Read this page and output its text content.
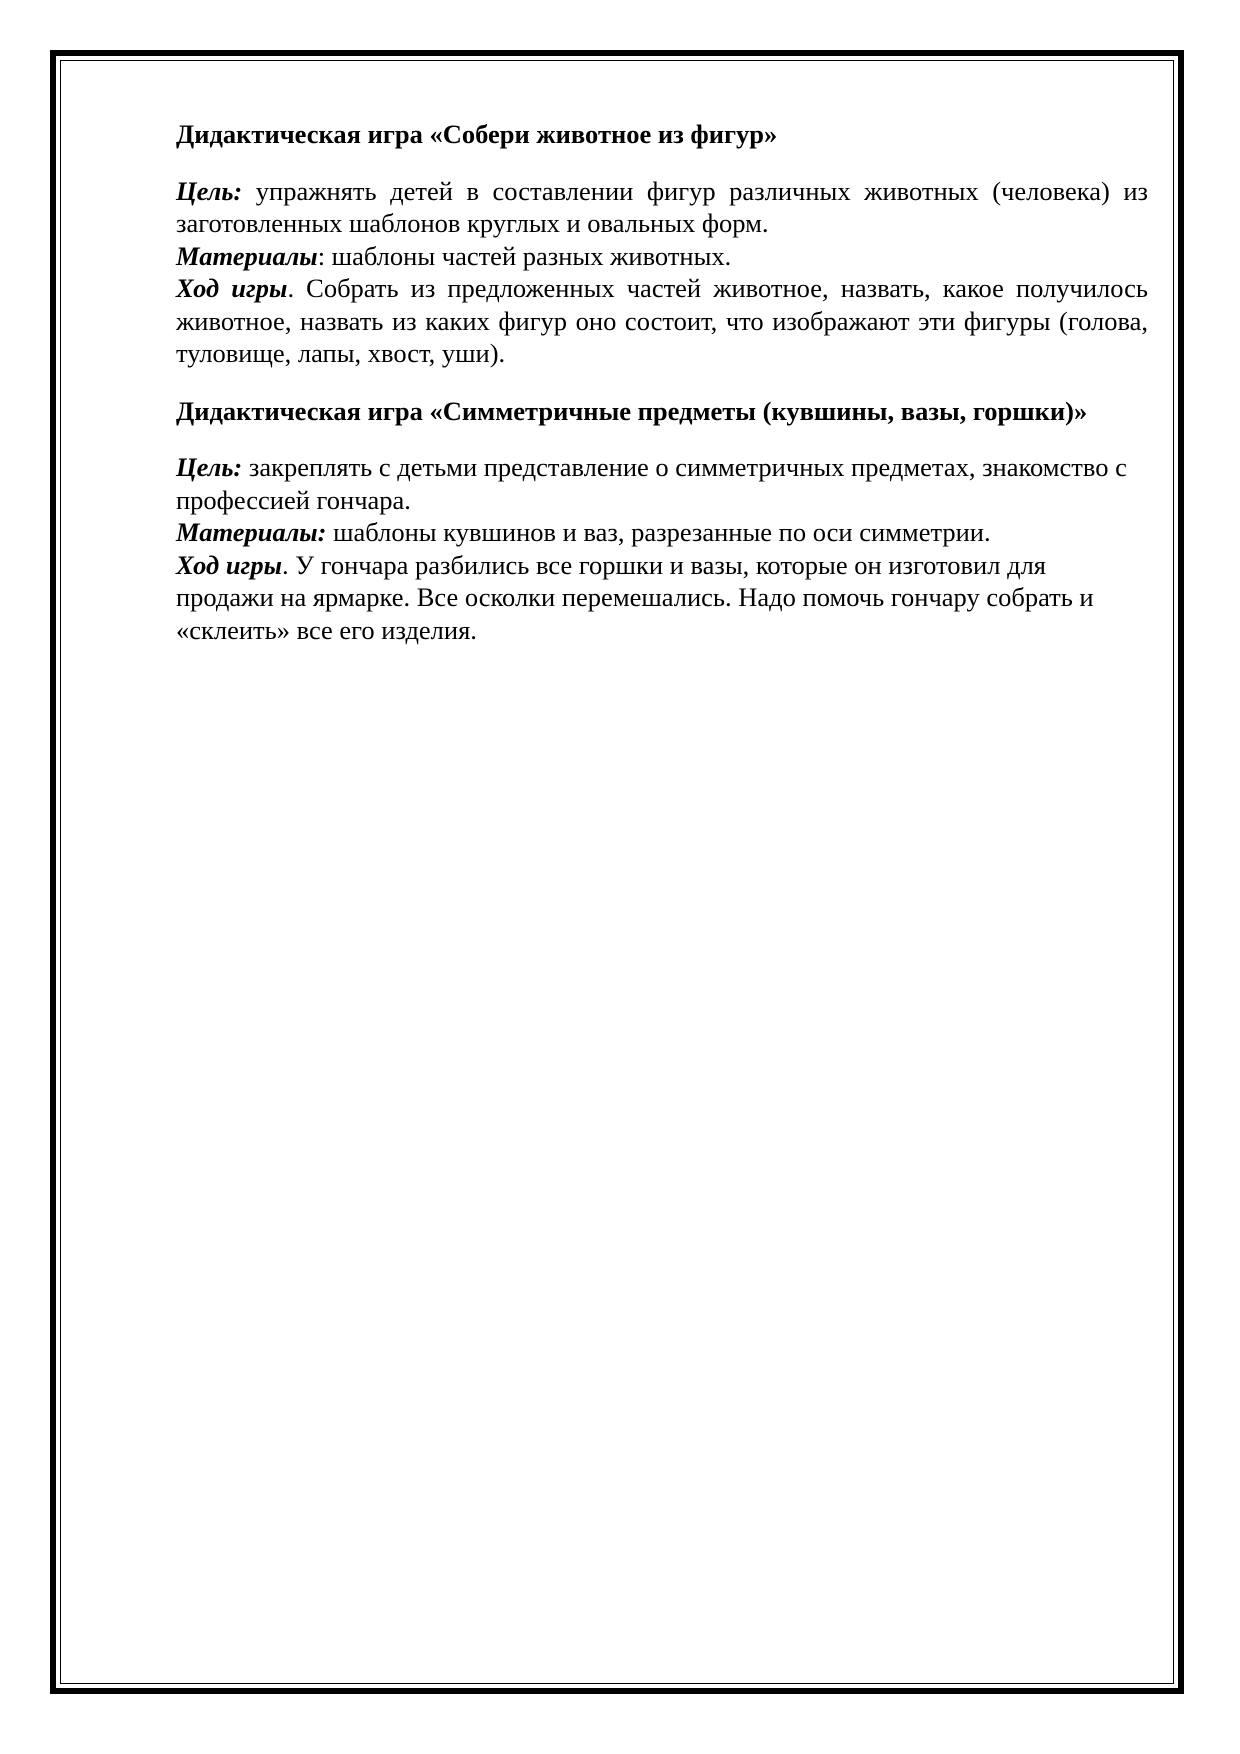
Дидактическая игра «Собери животное из фигур»

Цель: упражнять детей в составлении фигур различных животных (человека) из заготовленных шаблонов круглых и овальных форм.

Материалы: шаблоны частей разных животных.

Ход игры. Собрать из предложенных частей животное, назвать, какое получилось животное, назвать из каких фигур оно состоит, что изображают эти фигуры (голова, туловище, лапы, хвост, уши).

Дидактическая игра «Симметричные предметы (кувшины, вазы, горшки)»

Цель: закреплять с детьми представление о симметричных предметах, знакомство с профессией гончара.

Материалы: шаблоны кувшинов и ваз, разрезанные по оси симметрии.

Ход игры. У гончара разбились все горшки и вазы, которые он изготовил для продажи на ярмарке. Все осколки перемешались. Надо помочь гончару собрать и «склеить» все его изделия.
